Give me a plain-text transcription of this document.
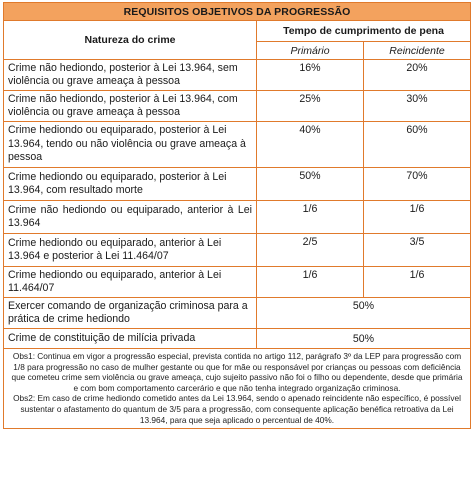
REQUISITOS OBJETIVOS DA PROGRESSÃO		
Natureza do crime	Tempo de cumprimento de pena	
	Primário	Reincidente
Crime não hediondo, posterior à Lei 13.964, sem violência ou grave ameaça à pessoa	16%	20%
Crime não hediondo, posterior à Lei 13.964, com violência ou grave ameaça à pessoa	25%	30%
Crime hediondo ou equiparado, posterior à Lei 13.964, tendo ou não violência ou grave ameaça à pessoa	40%	60%
Crime hediondo ou equiparado, posterior à Lei 13.964, com resultado morte	50%	70%
Crime não hediondo ou equiparado, anterior à Lei 13.964	1/6	1/6
Crime hediondo ou equiparado, anterior à Lei 13.964 e posterior à Lei 11.464/07	2/5	3/5
Crime hediondo ou equiparado, anterior à Lei 11.464/07	1/6	1/6
Exercer comando de organização criminosa para a prática de crime hediondo	50%	
Crime de constituição de milícia privada	50%	

Obs1: Continua em vigor a progressão especial, prevista contida no artigo 112, parágrafo 3º da LEP para progressão com 1/8 para progressão no caso de mulher gestante ou que for mãe ou responsável por crianças ou pessoas com deficiência que cometeu crime sem violência ou grave ameaça, cujo sujeito passivo não foi o filho ou dependente, desde que primária e com bom comportamento carcerário e que não tenha integrado organização criminosa.

Obs2: Em caso de crime hediondo cometido antes da Lei 13.964, sendo o apenado reincidente não específico, é possível sustentar o afastamento do quantum de 3/5 para a progressão, com consequente aplicação benéfica retroativa da Lei 13.964, para que seja aplicado o percentual de 40%.		
